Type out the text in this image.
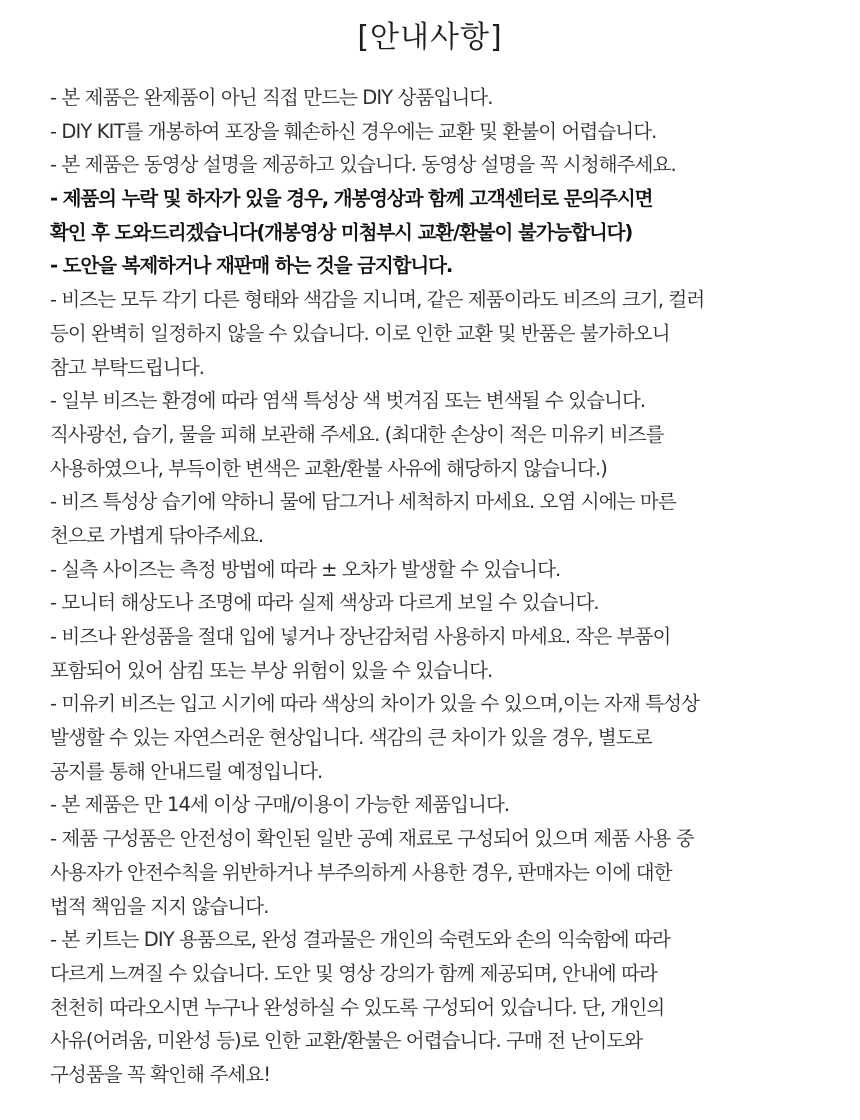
[안내사항]
- 본 제품은 완제품이 아닌 직접 만드는 DIY 상품입니다.
- DIY KIT를 개봉하여 포장을 훼손하신 경우에는 교환 및 환불이 어렵습니다.
- 본 제품은 동영상 설명을 제공하고 있습니다. 동영상 설명을 꼭 시청해주세요.
- 제품의 누락 및 하자가 있을 경우, 개봉영상과 함께 고객센터로 문의주시면
확인 후 도와드리겠습니다(개봉영상 미첨부시 교환/환불이 불가능합니다)
- 도안을 복제하거나 재판매 하는 것을 금지합니다.
- 비즈는 모두 각기 다른 형태와 색감을 지니며, 같은 제품이라도 비즈의 크기, 컬러
등이 완벽히 일정하지 않을 수 있습니다. 이로 인한 교환 및 반품은 불가하오니
참고 부탁드립니다.
- 일부 비즈는 환경에 따라 염색 특성상 색 벗겨짐 또는 변색될 수 있습니다.
직사광선, 습기, 물을 피해 보관해 주세요. (최대한 손상이 적은 미유키 비즈를
사용하였으나, 부득이한 변색은 교환/환불 사유에 해당하지 않습니다.)
- 비즈 특성상 습기에 약하니 물에 담그거나 세척하지 마세요. 오염 시에는 마른
천으로 가볍게 닦아주세요.
- 실측 사이즈는 측정 방법에 따라 ± 오차가 발생할 수 있습니다.
- 모니터 해상도나 조명에 따라 실제 색상과 다르게 보일 수 있습니다.
- 비즈나 완성품을 절대 입에 넣거나 장난감처럼 사용하지 마세요. 작은 부품이
포함되어 있어 삼킴 또는 부상 위험이 있을 수 있습니다.
- 미유키 비즈는 입고 시기에 따라 색상의 차이가 있을 수 있으며,이는 자재 특성상
발생할 수 있는 자연스러운 현상입니다. 색감의 큰 차이가 있을 경우, 별도로
공지를 통해 안내드릴 예정입니다.
- 본 제품은 만 14세 이상 구매/이용이 가능한 제품입니다.
- 제품 구성품은 안전성이 확인된 일반 공예 재료로 구성되어 있으며 제품 사용 중
사용자가 안전수칙을 위반하거나 부주의하게 사용한 경우, 판매자는 이에 대한
법적 책임을 지지 않습니다.
- 본 키트는 DIY 용품으로, 완성 결과물은 개인의 숙련도와 손의 익숙함에 따라
다르게 느껴질 수 있습니다. 도안 및 영상 강의가 함께 제공되며, 안내에 따라
천천히 따라오시면 누구나 완성하실 수 있도록 구성되어 있습니다. 단, 개인의
사유(어려움, 미완성 등)로 인한 교환/환불은 어렵습니다. 구매 전 난이도와
구성품을 꼭 확인해 주세요!
